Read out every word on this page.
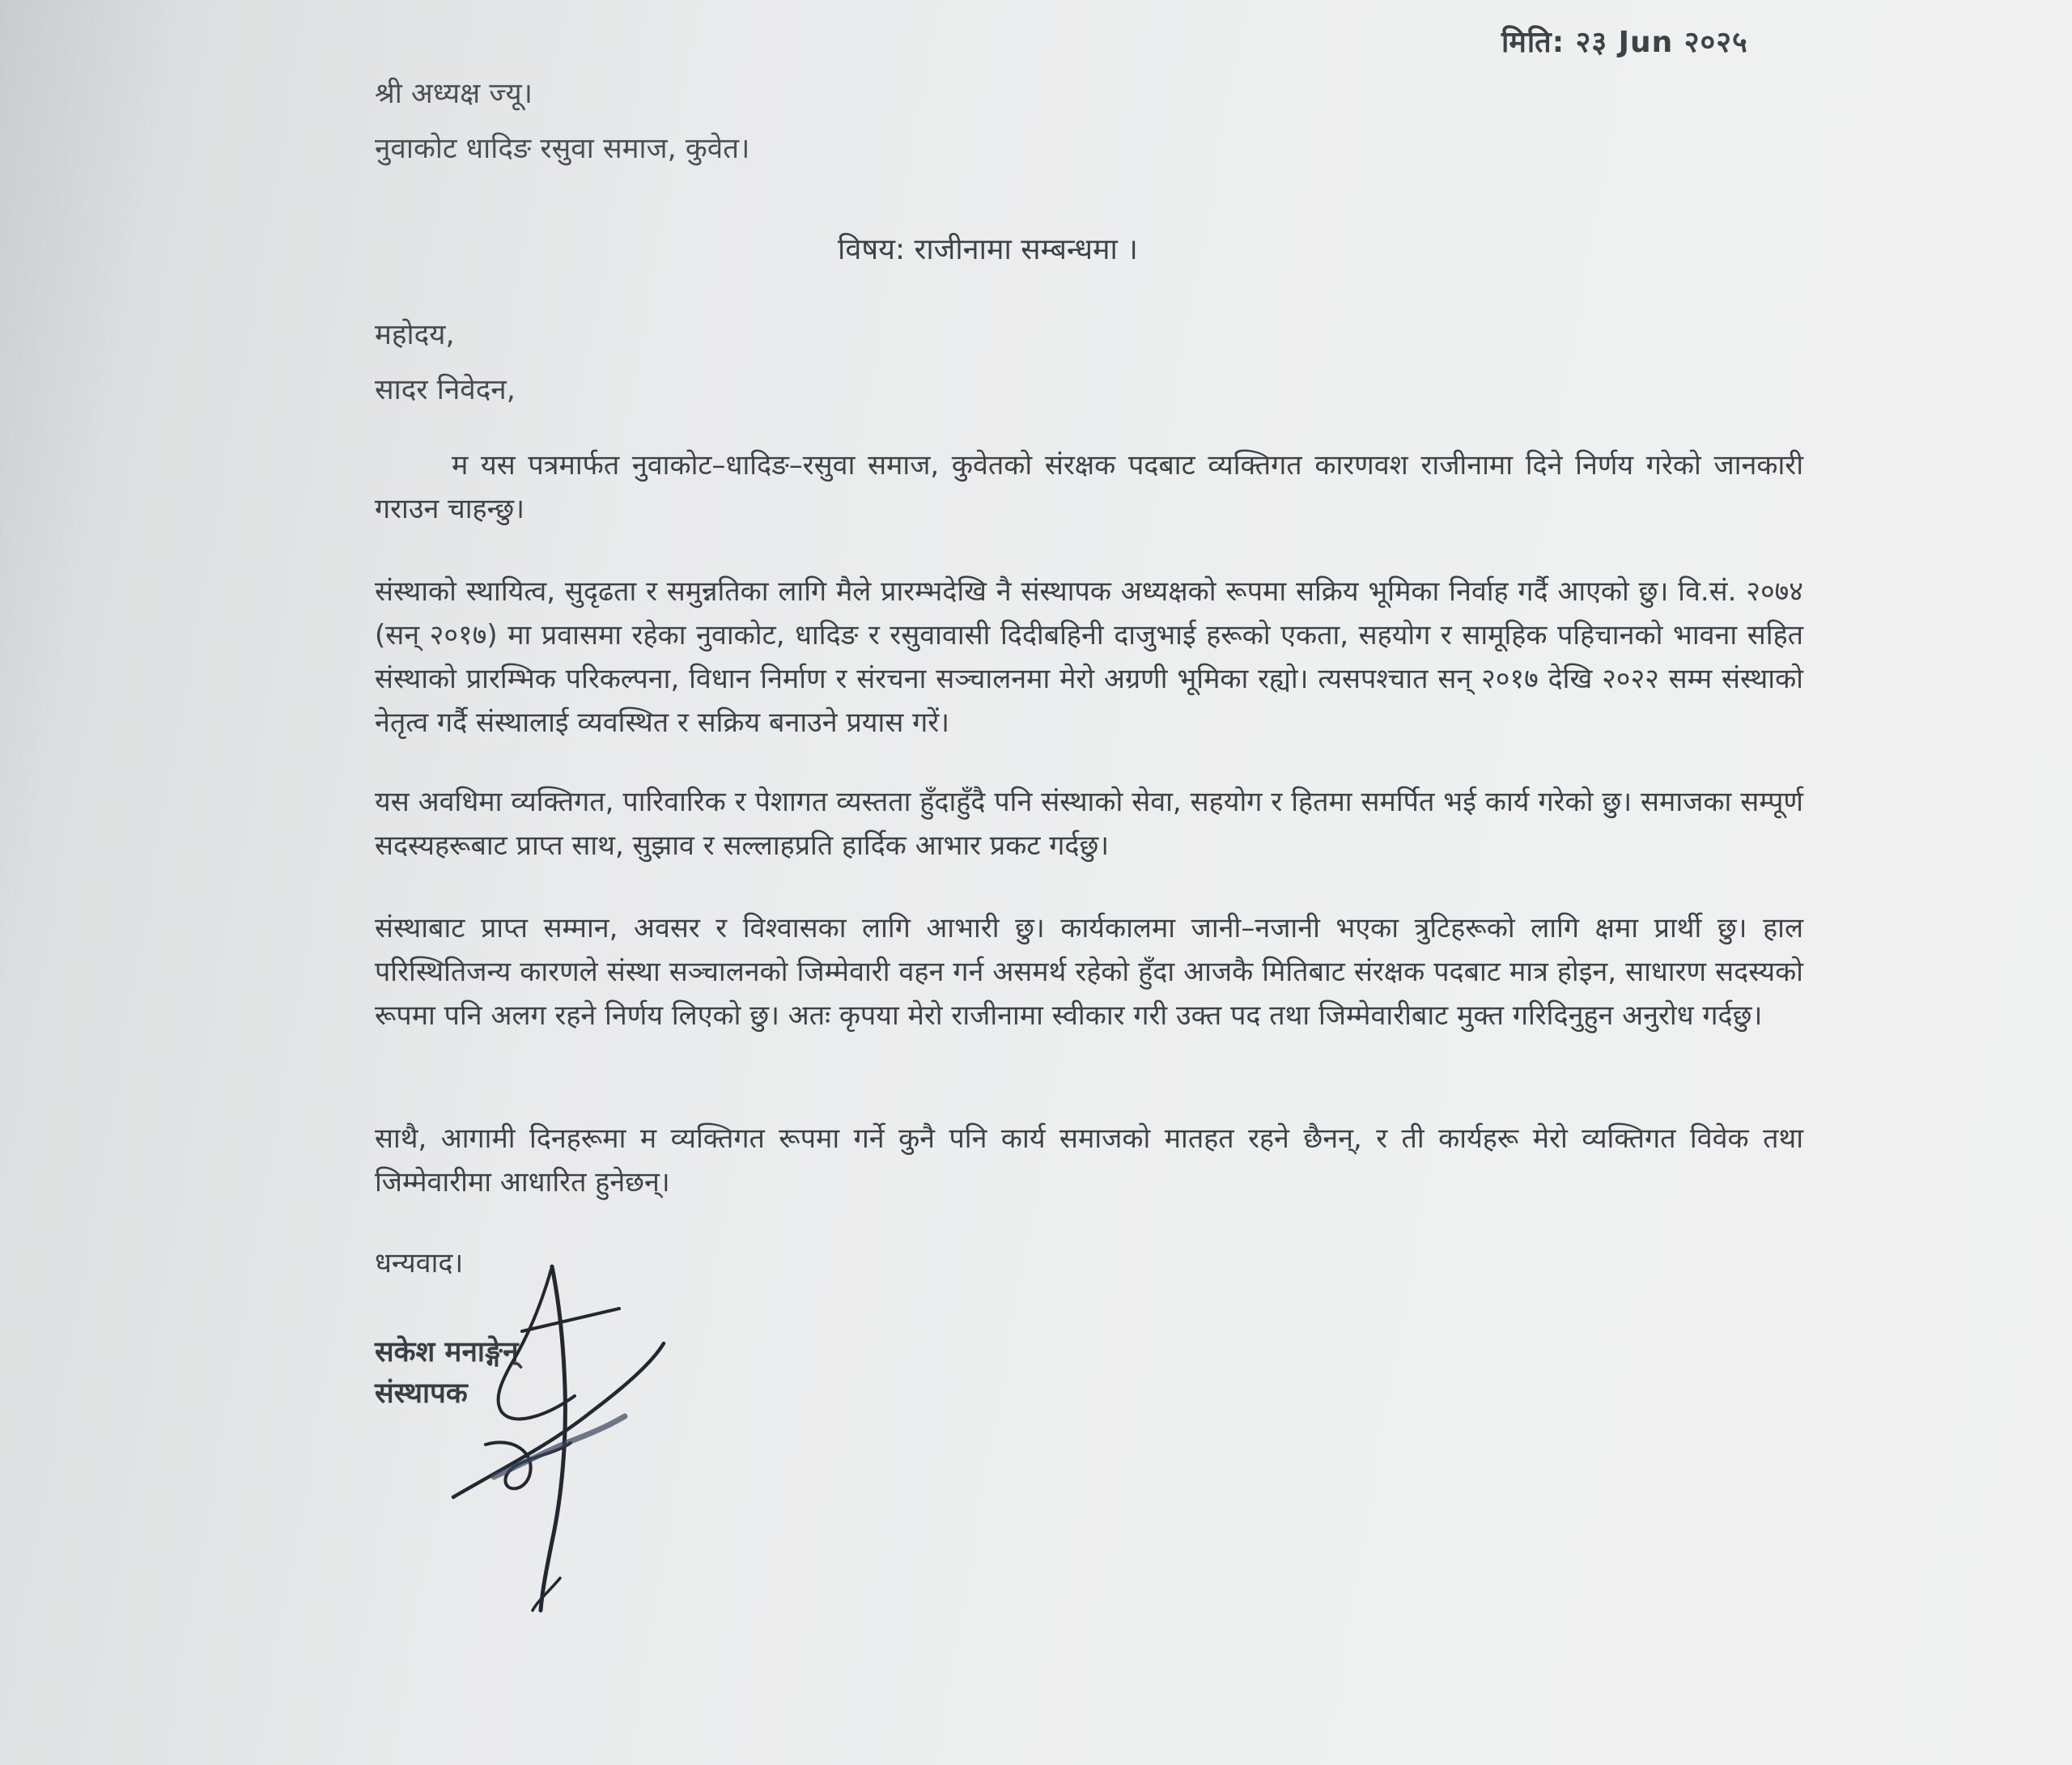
मिति: २३ Jun २०२५
श्री अध्यक्ष ज्यू।
नुवाकोट धादिङ रसुवा समाज, कुवेत।
विषय: राजीनामा सम्बन्धमा ।
महोदय,
सादर निवेदन,
म यस पत्रमार्फत नुवाकोट–धादिङ–रसुवा समाज, कुवेतको संरक्षक पदबाट व्यक्तिगत कारणवश राजीनामा दिने निर्णय गरेको जानकारी गराउन चाहन्छु।
संस्थाको स्थायित्व, सुदृढता र समुन्नतिका लागि मैले प्रारम्भदेखि नै संस्थापक अध्यक्षको रूपमा सक्रिय भूमिका निर्वाह गर्दै आएको छु। वि.सं. २०७४ (सन् २०१७) मा प्रवासमा रहेका नुवाकोट, धादिङ र रसुवावासी दिदीबहिनी दाजुभाई हरूको एकता, सहयोग र सामूहिक पहिचानको भावना सहित संस्थाको प्रारम्भिक परिकल्पना, विधान निर्माण र संरचना सञ्चालनमा मेरो अग्रणी भूमिका रह्यो। त्यसपश्चात सन् २०१७ देखि २०२२ सम्म संस्थाको नेतृत्व गर्दै संस्थालाई व्यवस्थित र सक्रिय बनाउने प्रयास गरें।
यस अवधिमा व्यक्तिगत, पारिवारिक र पेशागत व्यस्तता हुँदाहुँदै पनि संस्थाको सेवा, सहयोग र हितमा समर्पित भई कार्य गरेको छु। समाजका सम्पूर्ण सदस्यहरूबाट प्राप्त साथ, सुझाव र सल्लाहप्रति हार्दिक आभार प्रकट गर्दछु।
संस्थाबाट प्राप्त सम्मान, अवसर र विश्वासका लागि आभारी छु। कार्यकालमा जानी–नजानी भएका त्रुटिहरूको लागि क्षमा प्रार्थी छु। हाल परिस्थितिजन्य कारणले संस्था सञ्चालनको जिम्मेवारी वहन गर्न असमर्थ रहेको हुँदा आजकै मितिबाट संरक्षक पदबाट मात्र होइन, साधारण सदस्यको रूपमा पनि अलग रहने निर्णय लिएको छु। अतः कृपया मेरो राजीनामा स्वीकार गरी उक्त पद तथा जिम्मेवारीबाट मुक्त गरिदिनुहुन अनुरोध गर्दछु।
साथै, आगामी दिनहरूमा म व्यक्तिगत रूपमा गर्ने कुनै पनि कार्य समाजको मातहत रहने छैनन्, र ती कार्यहरू मेरो व्यक्तिगत विवेक तथा जिम्मेवारीमा आधारित हुनेछन्।
धन्यवाद।
सकेश मनाङ्गेन्
संस्थापक
